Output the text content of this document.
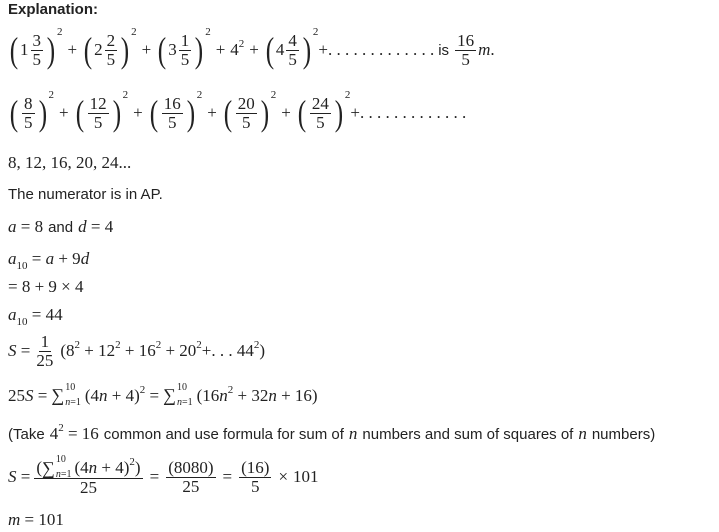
Explanation:
( $1 \frac{3}{5} )^2$
+ ( $2 \frac{2}{5} )^2$
+ ( $3 \frac{1}{5} )^2$
+ $4^2$ + ( $4 \frac{4}{5} )^2$
+. . . . . . . . . . . . . is $\frac{16}{5}$ m .
( $\frac{8}{5} )^2$
+ ( $\frac{12}{5} )^2$
+ ( $\frac{16}{5} )^2$
+ ( $\frac{20}{5} )^2$
+ ( $\frac{24}{5} )^2$
+. . . . . . . . . . . . .
8, 12, 16, 20, 24...
The numerator is in AP.
a = 8 and d = 4
$a_{10} = a + 9d$
= 8 + 9 × 4
$a_{10} = 44$
$S = \frac{1}{25} (8^2 + 12^2 + 16^2 + 20^2+$. . . $44^2$)
25S = ∑ 10
n=1 $(4n + 4)^2$ = ∑ 10
n=1 $(16n^2 + 32n + 16)$
(Take $4^2 = 16$ common and use formula for sum of n numbers and sum of squares of n numbers)
S = ( ∑ 10
n=1 $(4n + 4)^2$)
$25 = \frac{(8080)}{25} = \frac{(16)}{5} \times 101$
m = 101
